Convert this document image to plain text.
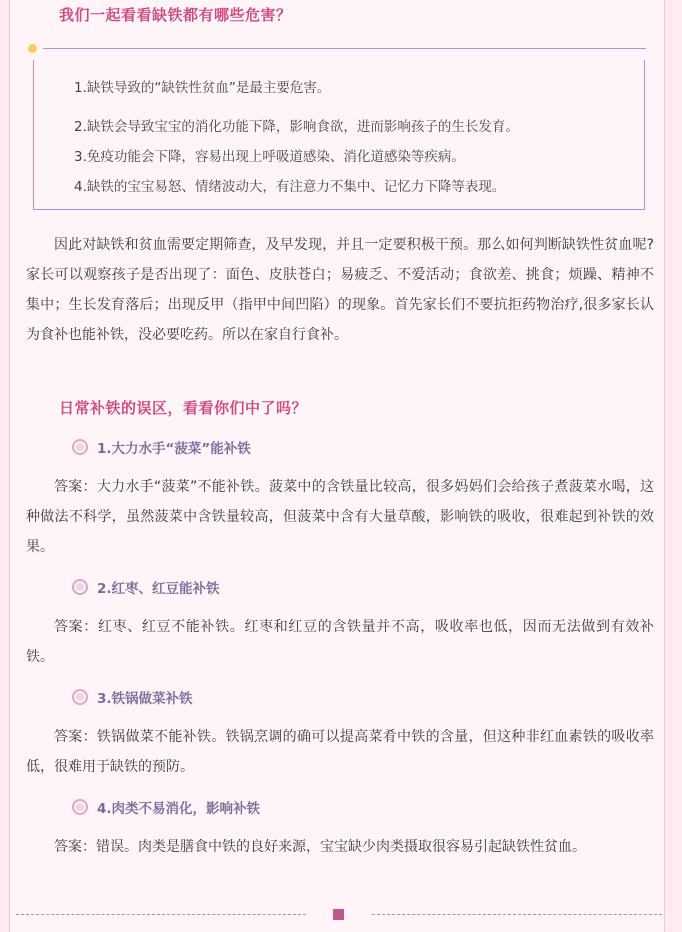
我们一起看看缺铁都有哪些危害？
1.缺铁导致的“缺铁性贫血”是最主要危害。
2.缺铁会导致宝宝的消化功能下降，影响食欲，进而影响孩子的生长发育。
3.免疫功能会下降，容易出现上呼吸道感染、消化道感染等疾病。
4.缺铁的宝宝易怒、情绪波动大，有注意力不集中、记忆力下降等表现。

因此对缺铁和贫血需要定期筛查，及早发现，并且一定要积极干预。那么如何判断缺铁性贫血呢?家长可以观察孩子是否出现了：面色、皮肤苍白；易疲乏、不爱活动；食欲差、挑食；烦躁、精神不集中；生长发育落后；出现反甲（指甲中间凹陷）的现象。首先家长们不要抗拒药物治疗,很多家长认为食补也能补铁，没必要吃药。所以在家自行食补。

日常补铁的误区，看看你们中了吗？
1.大力水手“菠菜”能补铁

答案：大力水手“菠菜”不能补铁。菠菜中的含铁量比较高，很多妈妈们会给孩子煮菠菜水喝，这种做法不科学，虽然菠菜中含铁量较高，但菠菜中含有大量草酸，影响铁的吸收，很难起到补铁的效果。

2.红枣、红豆能补铁

答案：红枣、红豆不能补铁。红枣和红豆的含铁量并不高，吸收率也低，因而无法做到有效补铁。

3.铁锅做菜补铁

答案：铁锅做菜不能补铁。铁锅烹调的确可以提高菜肴中铁的含量，但这种非红血素铁的吸收率低，很难用于缺铁的预防。

4.肉类不易消化，影响补铁

答案：错误。肉类是膳食中铁的良好来源，宝宝缺少肉类摄取很容易引起缺铁性贫血。
